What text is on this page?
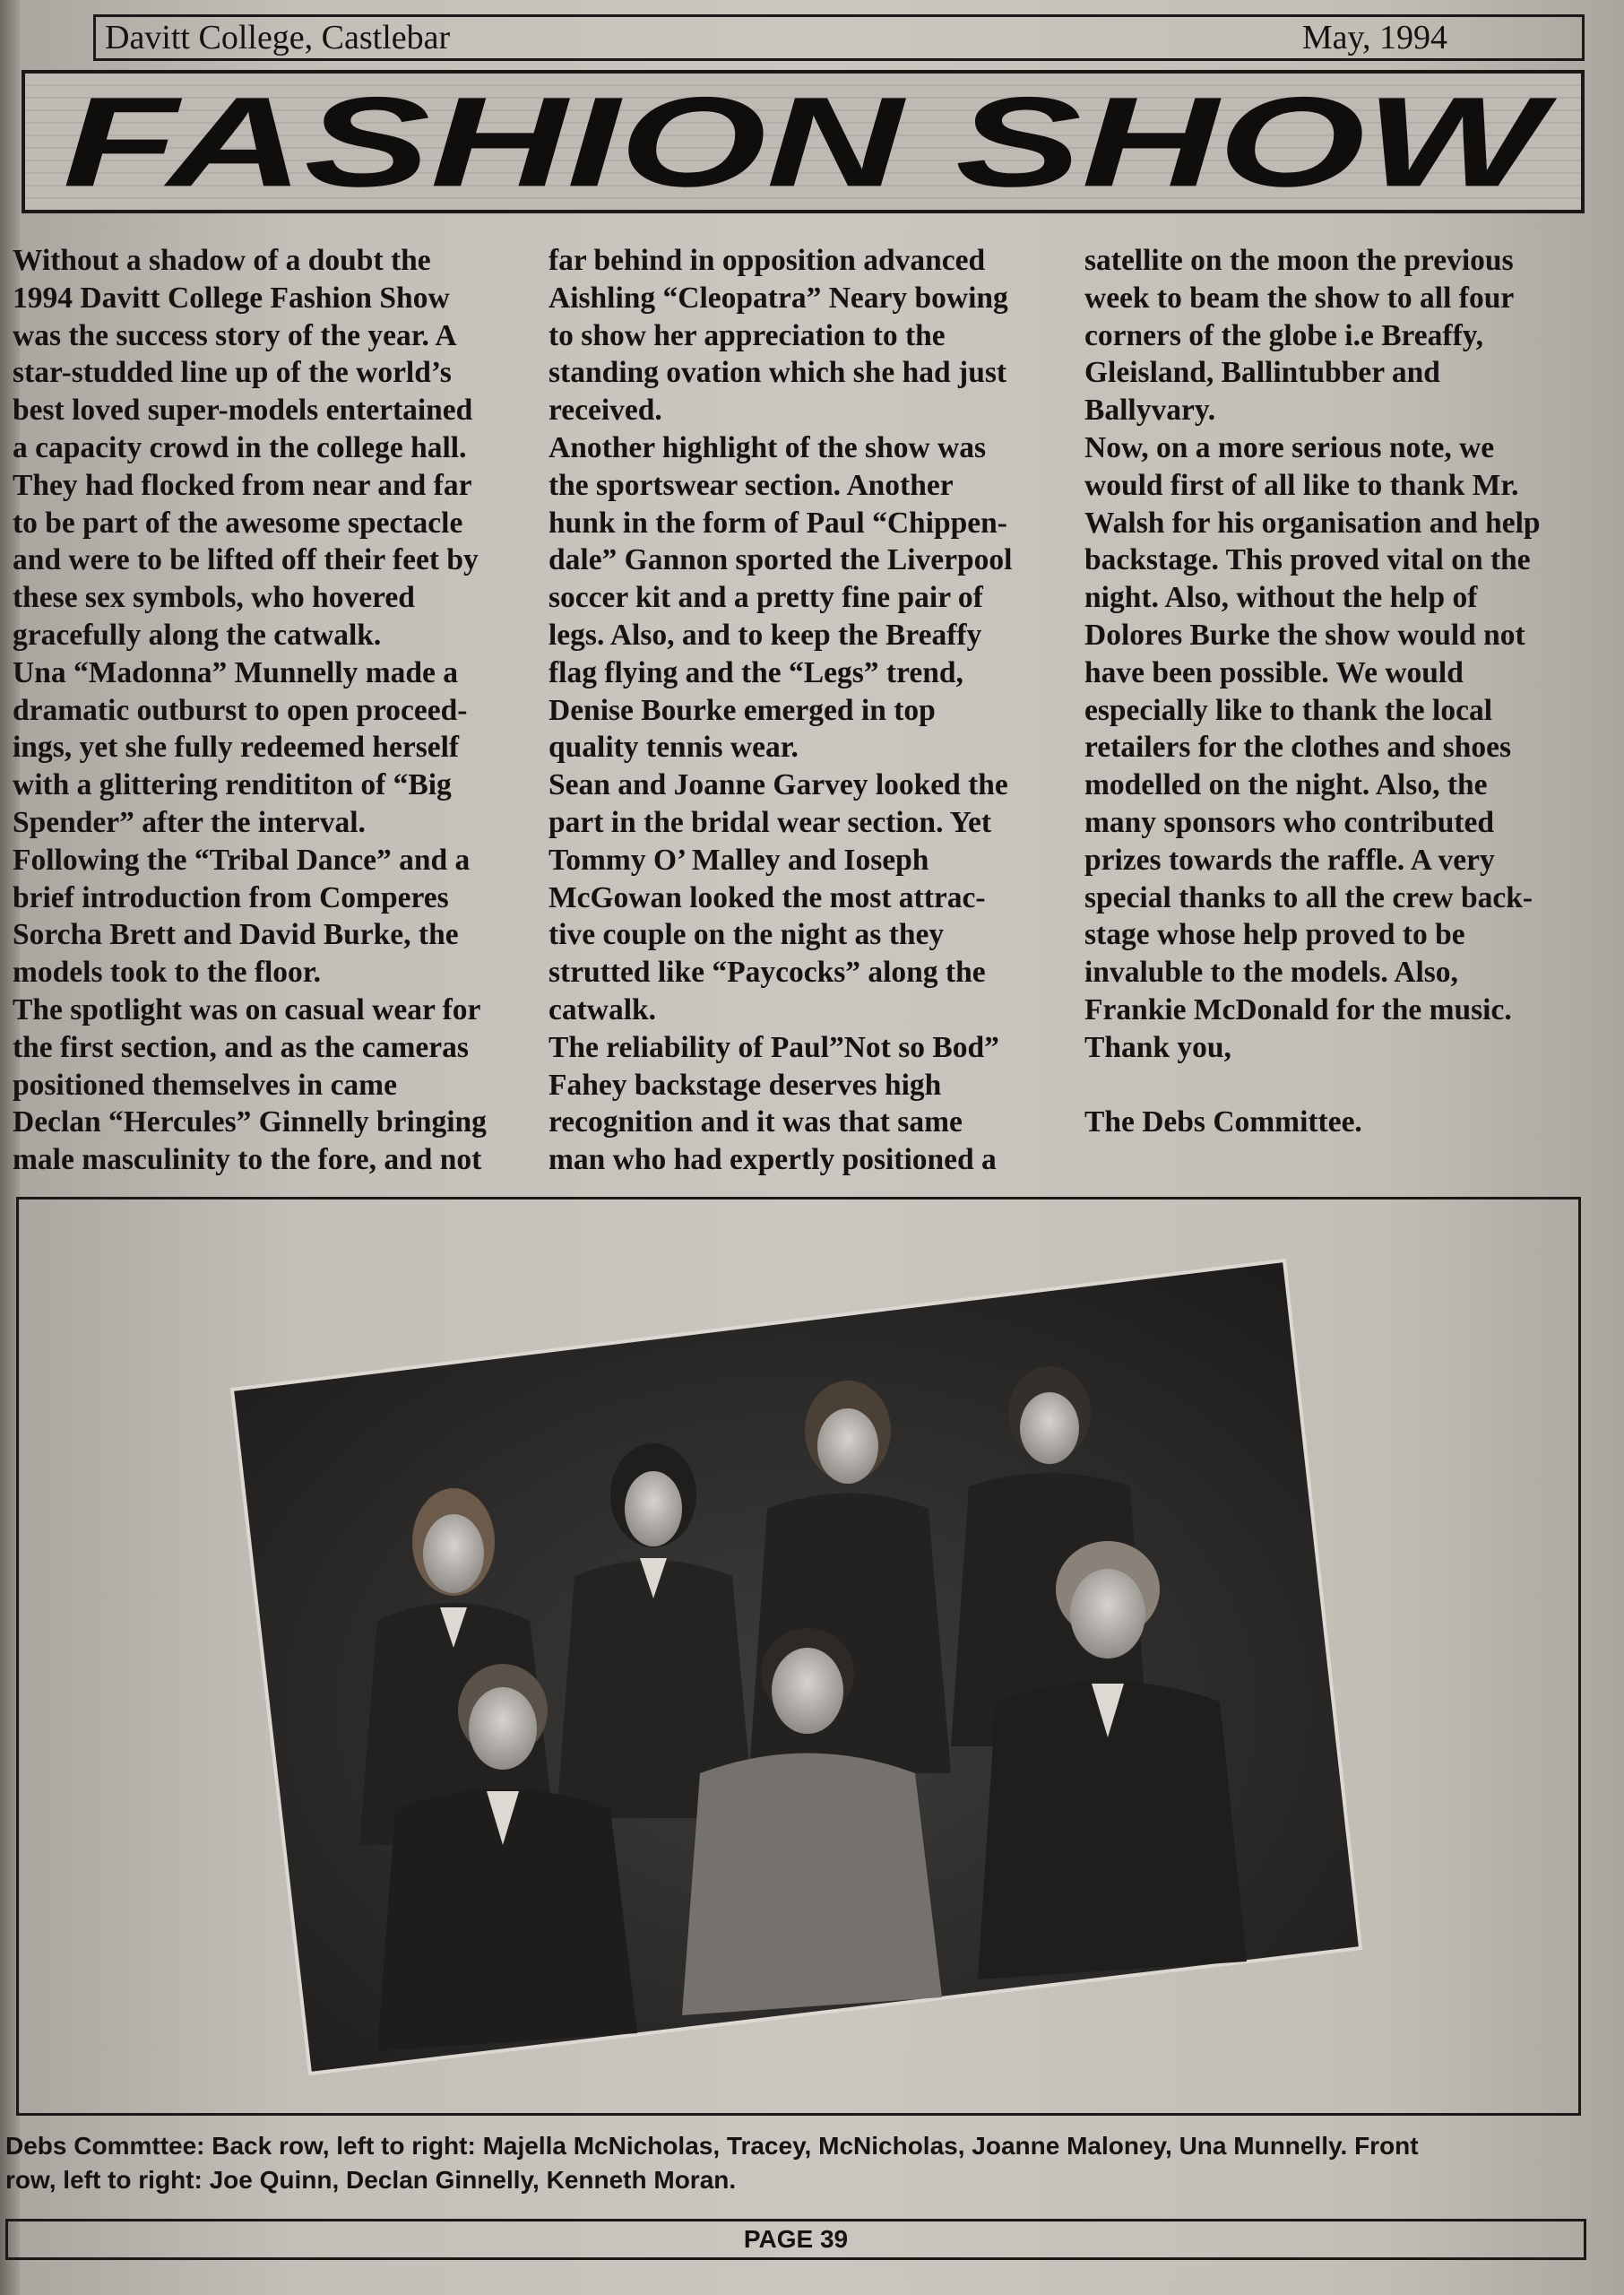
Davitt College, Castlebar	May, 1994
FASHION SHOW

Without a shadow of a doubt the

1994 Davitt College Fashion Show

was the success story of the year. A

star-studded line up of the world’s

best loved super-models entertained

a capacity crowd in the college hall.

They had flocked from near and far

to be part of the awesome spectacle

and were to be lifted off their feet by

these sex symbols, who hovered

gracefully along the catwalk.

Una “Madonna” Munnelly made a

dramatic outburst to open proceed-

ings, yet she fully redeemed herself

with a glittering rendititon of “Big

Spender” after the interval.

Following the “Tribal Dance” and a

brief introduction from Comperes

Sorcha Brett and David Burke, the

models took to the floor.

The spotlight was on casual wear for

the first section, and as the cameras

positioned themselves in came

Declan “Hercules” Ginnelly bringing

male masculinity to the fore, and not

far behind in opposition advanced

Aishling “Cleopatra” Neary bowing

to show her appreciation to the

standing ovation which she had just

received.

Another highlight of the show was

the sportswear section. Another

hunk in the form of Paul “Chippen-

dale” Gannon sported the Liverpool

soccer kit and a pretty fine pair of

legs. Also, and to keep the Breaffy

flag flying and the “Legs” trend,

Denise Bourke emerged in top

quality tennis wear.

Sean and Joanne Garvey looked the

part in the bridal wear section. Yet

Tommy O’ Malley and Ioseph

McGowan looked the most attrac-

tive couple on the night as they

strutted like “Paycocks” along the

catwalk.

The reliability of Paul”Not so Bod”

Fahey backstage deserves high

recognition and it was that same

man who had expertly positioned a

satellite on the moon the previous

week to beam the show to all four

corners of the globe i.e Breaffy,

Gleisland, Ballintubber and

Ballyvary.

Now, on a more serious note, we

would first of all like to thank Mr.

Walsh for his organisation and help

backstage. This proved vital on the

night. Also, without the help of

Dolores Burke the show would not

have been possible. We would

especially like to thank the local

retailers for the clothes and shoes

modelled on the night. Also, the

many sponsors who contributed

prizes towards the raffle. A very

special thanks to all the crew back-

stage whose help proved to be

invaluble to the models. Also,

Frankie McDonald for the music.

Thank you,

The Debs Committee.

Debs Commttee: Back row, left to right: Majella McNicholas, Tracey, McNicholas, Joanne Maloney, Una Munnelly. Front
row, left to right: Joe Quinn, Declan Ginnelly, Kenneth Moran.
PAGE 39
